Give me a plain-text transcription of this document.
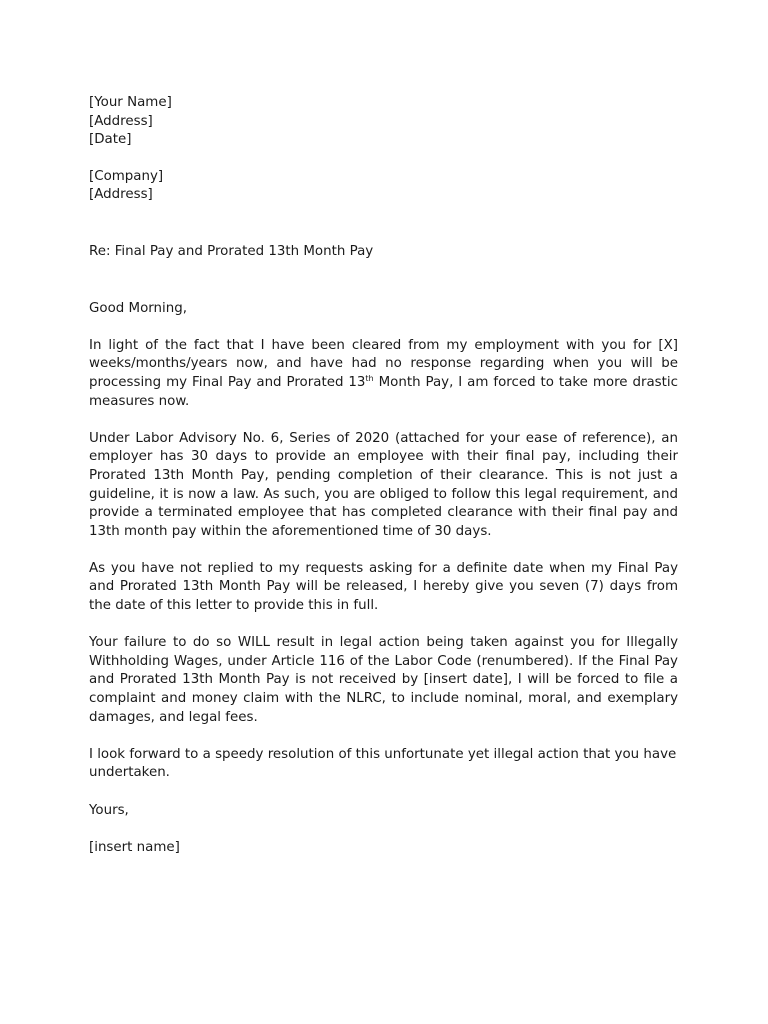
[Your Name]

[Address]

[Date]

[Company]

[Address]

Re: Final Pay and Prorated 13th Month Pay

Good Morning,

In light of the fact that I have been cleared from my employment with you for [X] weeks/months/years now, and have had no response regarding when you will be processing my Final Pay and Prorated 13th Month Pay, I am forced to take more drastic measures now.

Under Labor Advisory No. 6, Series of 2020 (attached for your ease of reference), an employer has 30 days to provide an employee with their final pay, including their Prorated 13th Month Pay, pending completion of their clearance. This is not just a guideline, it is now a law. As such, you are obliged to follow this legal requirement, and provide a terminated employee that has completed clearance with their final pay and 13th month pay within the aforementioned time of 30 days.

As you have not replied to my requests asking for a definite date when my Final Pay and Prorated 13th Month Pay will be released, I hereby give you seven (7) days from the date of this letter to provide this in full.

Your failure to do so WILL result in legal action being taken against you for Illegally Withholding Wages, under Article 116 of the Labor Code (renumbered). If the Final Pay and Prorated 13th Month Pay is not received by [insert date], I will be forced to file a complaint and money claim with the NLRC, to include nominal, moral, and exemplary damages, and legal fees.

I look forward to a speedy resolution of this unfortunate yet illegal action that you have undertaken.

Yours,

[insert name]
